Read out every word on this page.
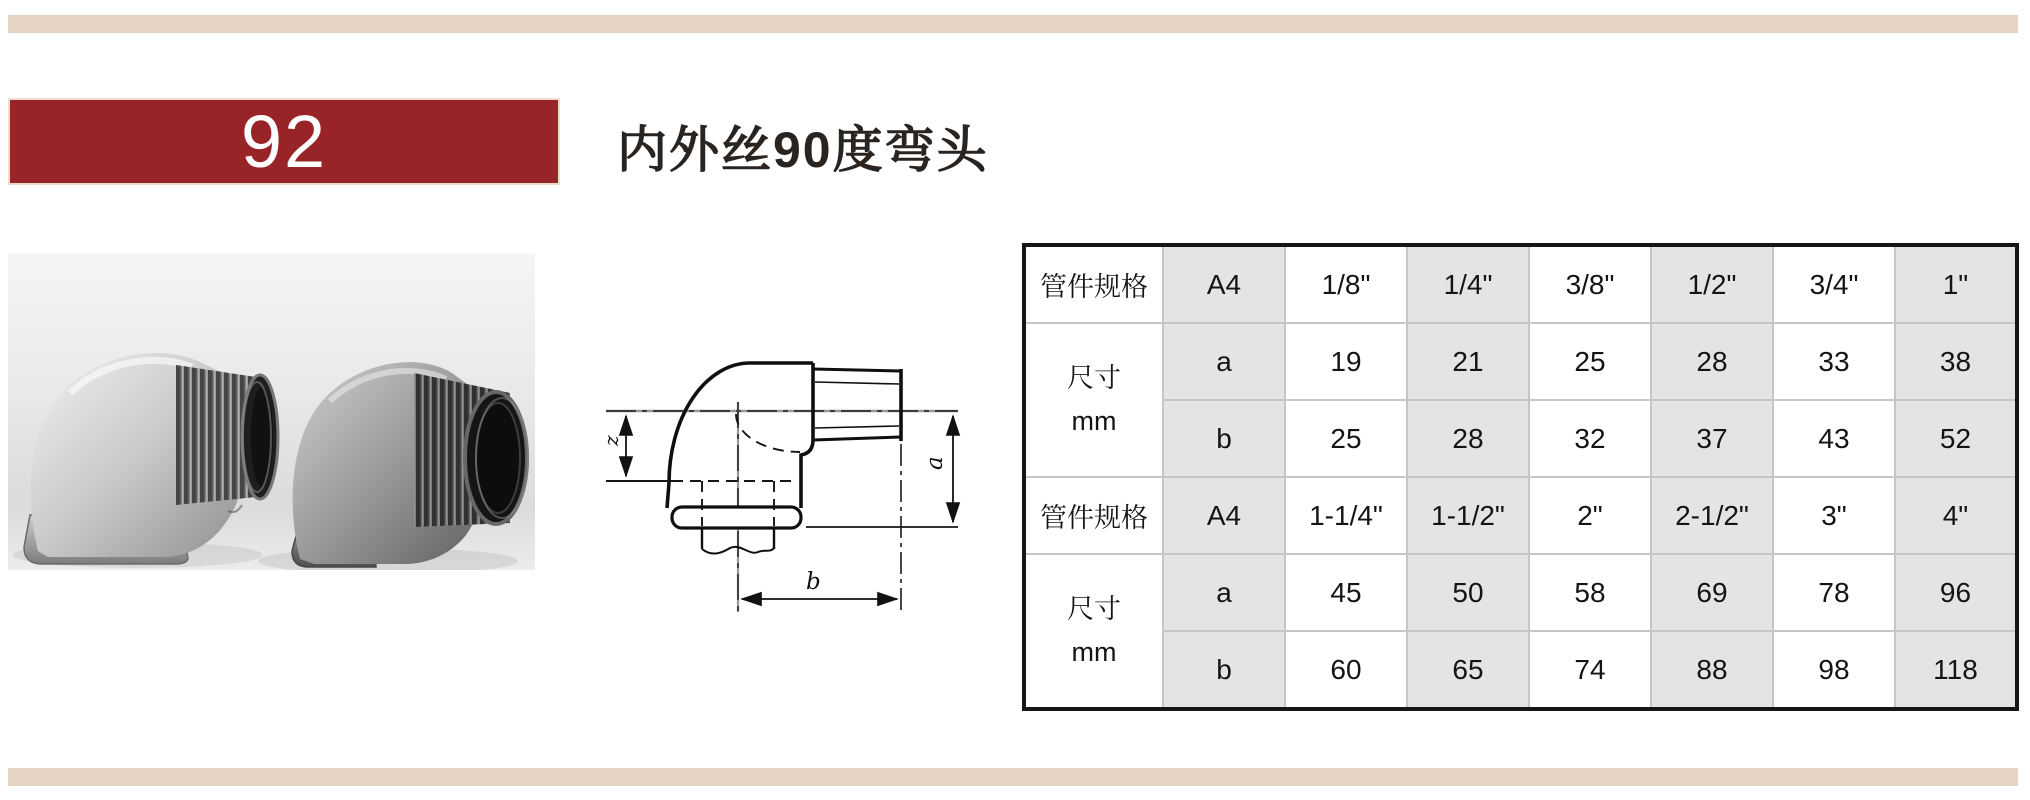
92	内外丝90度弯头
z
a
b
管件规格	A4	1/8"	1/4"	3/8"	1/2"	3/4"	1"
尺寸
mm	a	19	21	25	28	33	38
	b	25	28	32	37	43	52
管件规格	A4	1-1/4"	1-1/2"	2"	2-1/2"	3"	4"
尺寸
mm	a	45	50	58	69	78	96
	b	60	65	74	88	98	118
